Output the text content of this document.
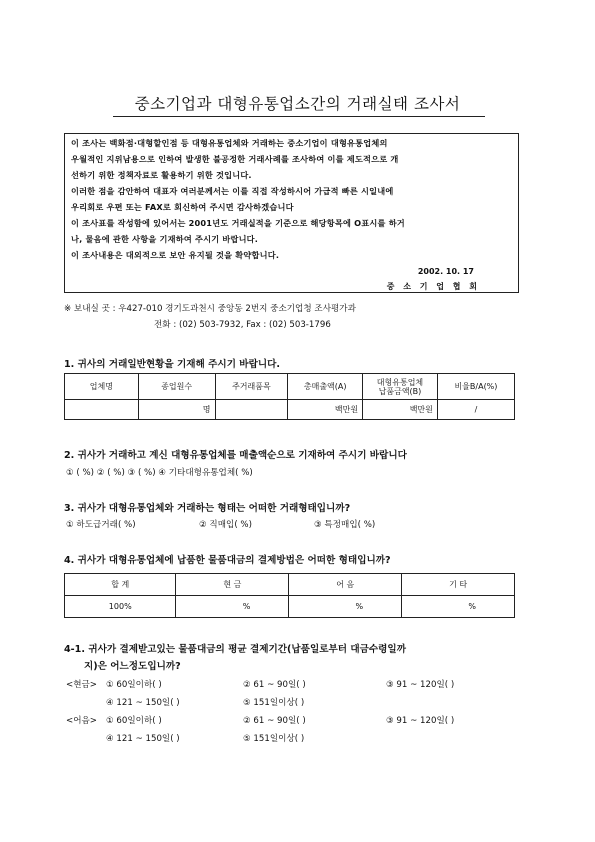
중소기업과 대형유통업소간의 거래실태 조사서
이 조사는 백화점·대형할인점 등 대형유통업체와 거래하는 중소기업이 대형유통업체의
우월적인 지위남용으로 인하여 발생한 불공정한 거래사례를 조사하여 이를 제도적으로 개
선하기 위한 정책자료로 활용하기 위한 것입니다.
이러한 점을 감안하여 대표자 여러분께서는 이를 직접 작성하시어 가급적 빠른 시일내에
우리회로 우편 또는 FAX로 회신하여 주시면 감사하겠습니다
이 조사표를 작성함에 있어서는 2001년도 거래실적을 기준으로 해당항목에 O표시를 하거
나, 물음에 관한 사항을 기재하여 주시기 바랍니다.
이 조사내용은 대외적으로 보안 유지될 것을 확약합니다.
2002. 10. 17
중 소 기 업 협 회
※ 보내실 곳 : 우427-010 경기도과천시 중앙동 2번지 중소기업청 조사평가과
전화 : (02) 503-7932, Fax : (02) 503-1796
1. 귀사의 거래일반현황을 기재해 주시기 바랍니다.
업체명	종업원수	주거래품목	총매출액(A)	대형유통업체
납품금액(B)	비율B/A(%)
	명		백만원	백만원	/
2. 귀사가 거래하고 계신 대형유통업체를 매출액순으로 기재하여 주시기 바랍니다
① ( %) ② ( %) ③ ( %) ④ 기타대형유통업체( %)
3. 귀사가 대형유통업체와 거래하는 형태는 어떠한 거래형태입니까?
① 하도급거래( %)	② 직매입( %)	③ 특정매입( %)
4. 귀사가 대형유통업체에 납품한 물품대금의 결제방법은 어떠한 형태입니까?
합 계	현 금	어 음	기 타
100%	%	%	%
4-1. 귀사가 결제받고있는 물품대금의 평균 결제기간(납품일로부터 대금수령일까
지)은 어느정도입니까?
<현금> ① 60일이하( )	② 61 ~ 90일( )	③ 91 ~ 120일( )
④ 121 ~ 150일( )	⑤ 151일이상( )
<어음> ① 60일이하( )	② 61 ~ 90일( )	③ 91 ~ 120일( )
④ 121 ~ 150일( )	⑤ 151일이상( )
